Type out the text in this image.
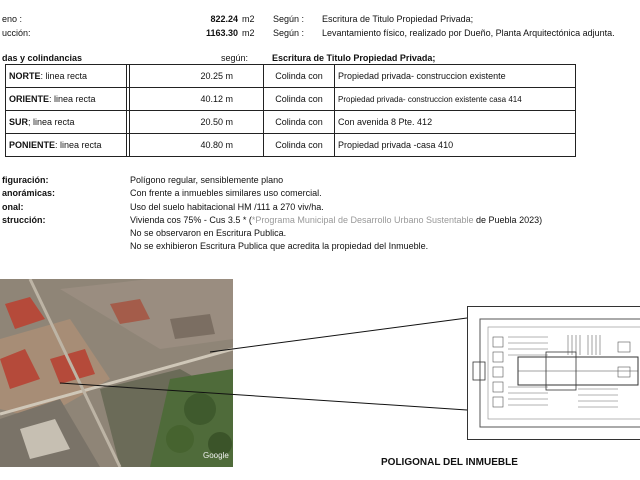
eno :	822.24 m2 Según : Escritura de Titulo Propiedad Privada;
ucción:	1163.30 m2 Según : Levantamiento físico, realizado por Dueño, Planta Arquitectónica adjunta.
das y colindancias	según:	Escritura de Titulo Propiedad Privada;
NORTE: linea recta		20.25 m	Colinda con	Propiedad privada- construccion existente
ORIENTE: linea recta		40.12 m	Colinda con	Propiedad privada- construccion existente casa 414
SUR; linea recta		20.50 m	Colinda con	Con avenida 8 Pte. 412
PONIENTE: linea recta		40.80 m	Colinda con	Propiedad privada -casa 410
figuración:	Polígono regular, sensiblemente plano
anorámicas:	Con frente a inmuebles similares uso comercial.
onal:	Uso del suelo habitacional HM /111 a 270 viv/ha.
strucción:	Vivienda cos 75% - Cus 3.5 * (*Programa Municipal de Desarrollo Urbano Sustentable de Puebla 2023)
No se observaron en Escritura Publica.
No se exhibieron Escritura Publica que acredita la propiedad del Inmueble.
Google
POLIGONAL DEL INMUEBLE
